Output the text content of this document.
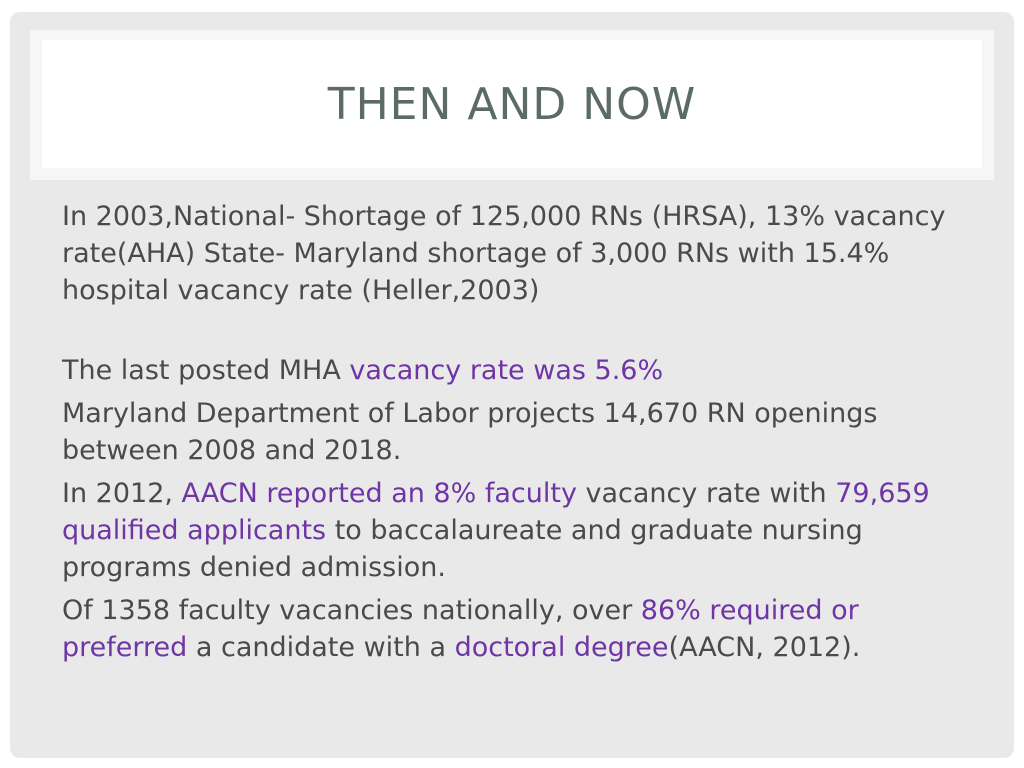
THEN AND NOW

In 2003,National- Shortage of 125,000 RNs (HRSA), 13% vacancy rate(AHA) State- Maryland shortage of 3,000 RNs with 15.4% hospital vacancy rate (Heller,2003)

The last posted MHA vacancy rate was 5.6%

Maryland Department of Labor projects 14,670 RN openings between 2008 and 2018.

In 2012, AACN reported an 8% faculty vacancy rate with 79,659 qualified applicants to baccalaureate and graduate nursing programs denied admission.

Of 1358 faculty vacancies nationally, over 86% required or preferred a candidate with a doctoral degree(AACN, 2012).
